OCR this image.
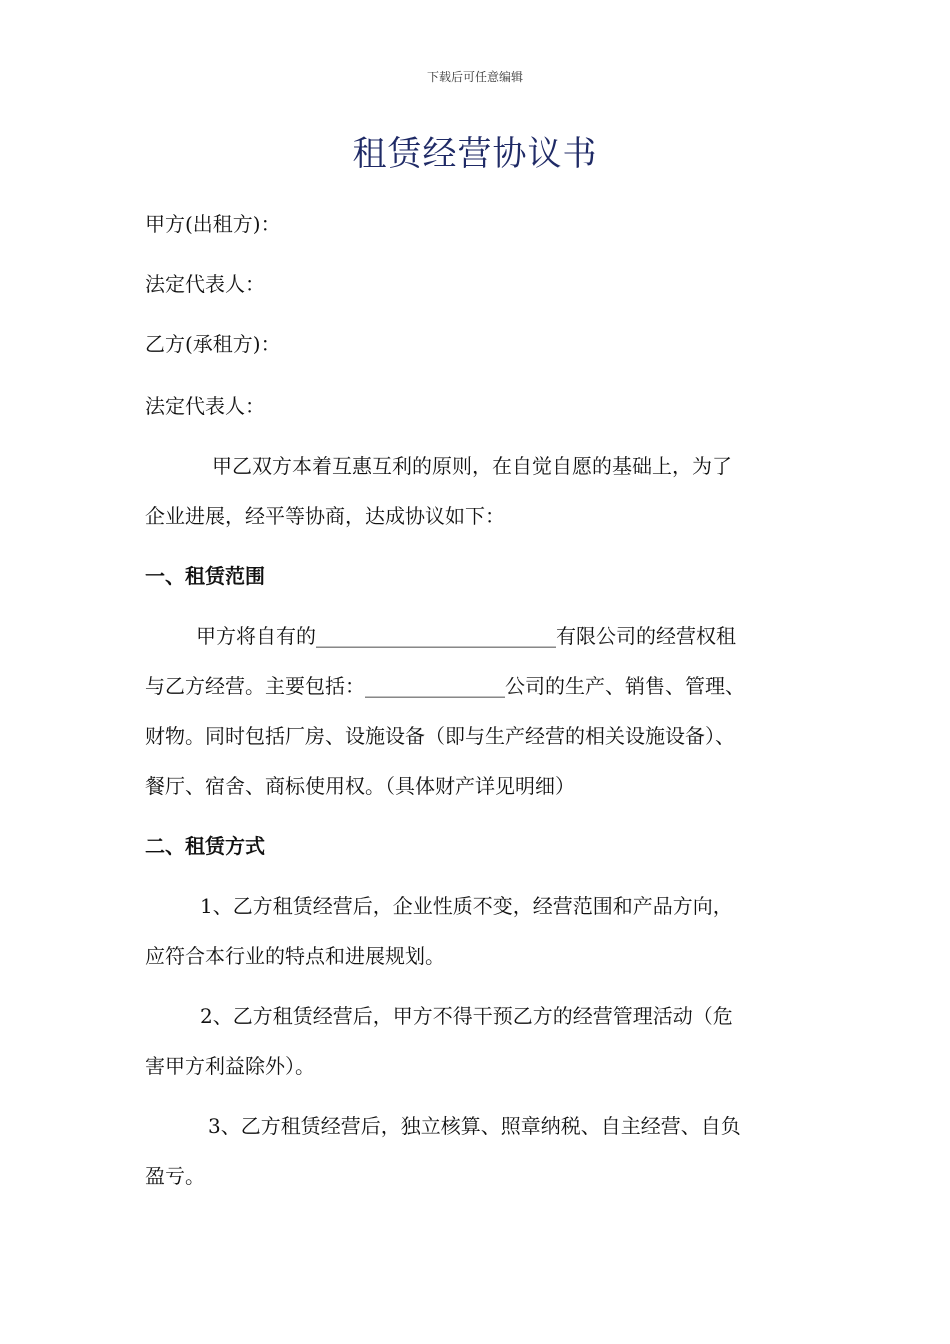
下载后可任意编辑
租赁经营协议书
甲方(出租方)：
法定代表人：
乙方(承租方)：
法定代表人：
甲乙双方本着互惠互利的原则，在自觉自愿的基础上，为了
企业进展，经平等协商，达成协议如下：
一、租赁范围
甲方将自有的________________________有限公司的经营权租
与乙方经营。主要包括：______________公司的生产、销售、管理、
财物。同时包括厂房、设施设备（即与生产经营的相关设施设备）、
餐厅、宿舍、商标使用权。（具体财产详见明细）
二、租赁方式
1、乙方租赁经营后，企业性质不变，经营范围和产品方向，
应符合本行业的特点和进展规划。
2、乙方租赁经营后，甲方不得干预乙方的经营管理活动（危
害甲方利益除外）。
3、乙方租赁经营后，独立核算、照章纳税、自主经营、自负
盈亏。
